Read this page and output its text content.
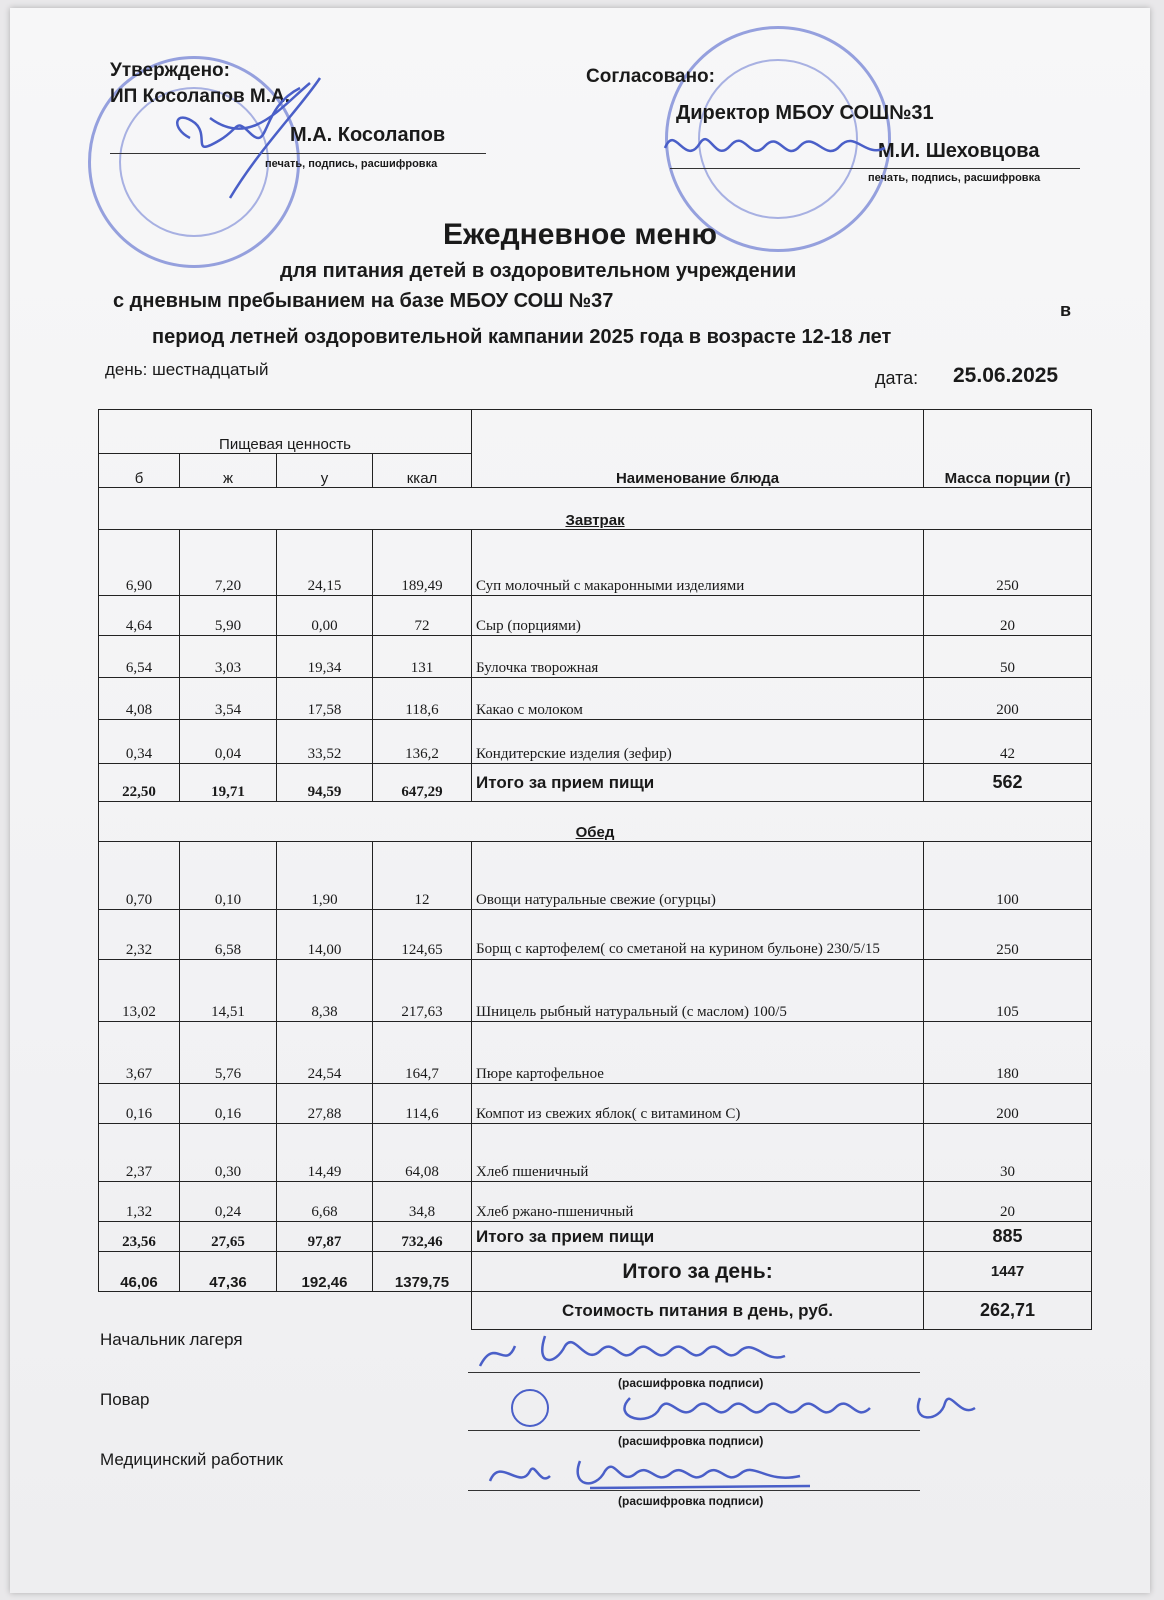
Утверждено:
ИП Косолапов М.А.
М.А. Косолапов
печать, подпись, расшифровка
Согласовано:
Директор МБОУ СОШ№31
М.И. Шеховцова
печать, подпись, расшифровка
Ежедневное меню
для питания детей в оздоровительном учреждении
с дневным пребыванием на базе МБОУ СОШ №37	в
период летней оздоровительной кампании 2025 года в возрасте 12-18 лет
день: шестнадцатый	дата: 25.06.2025
Пищевая ценность				Наименование блюда	Масса порции (г)
б	ж	у	ккал		
Завтрак					
6,90	7,20	24,15	189,49	Суп молочный с макаронными изделиями	250
4,64	5,90	0,00	72	Сыр (порциями)	20
6,54	3,03	19,34	131	Булочка творожная	50
4,08	3,54	17,58	118,6	Какао с молоком	200
0,34	0,04	33,52	136,2	Кондитерские изделия (зефир)	42
22,50	19,71	94,59	647,29	Итого за прием пищи	562
Обед					
0,70	0,10	1,90	12	Овощи натуральные свежие (огурцы)	100
2,32	6,58	14,00	124,65	Борщ с картофелем( со сметаной на курином бульоне) 230/5/15	250
13,02	14,51	8,38	217,63	Шницель рыбный натуральный (с маслом) 100/5	105
3,67	5,76	24,54	164,7	Пюре картофельное	180
0,16	0,16	27,88	114,6	Компот из свежих яблок( с витамином С)	200
2,37	0,30	14,49	64,08	Хлеб пшеничный	30
1,32	0,24	6,68	34,8	Хлеб ржано-пшеничный	20
23,56	27,65	97,87	732,46	Итого за прием пищи	885
46,06	47,36	192,46	1379,75	Итого за день:	1447
				Стоимость питания в день, руб.	262,71
Начальник лагеря
(расшифровка подписи)
Повар
(расшифровка подписи)
Медицинский работник
(расшифровка подписи)
